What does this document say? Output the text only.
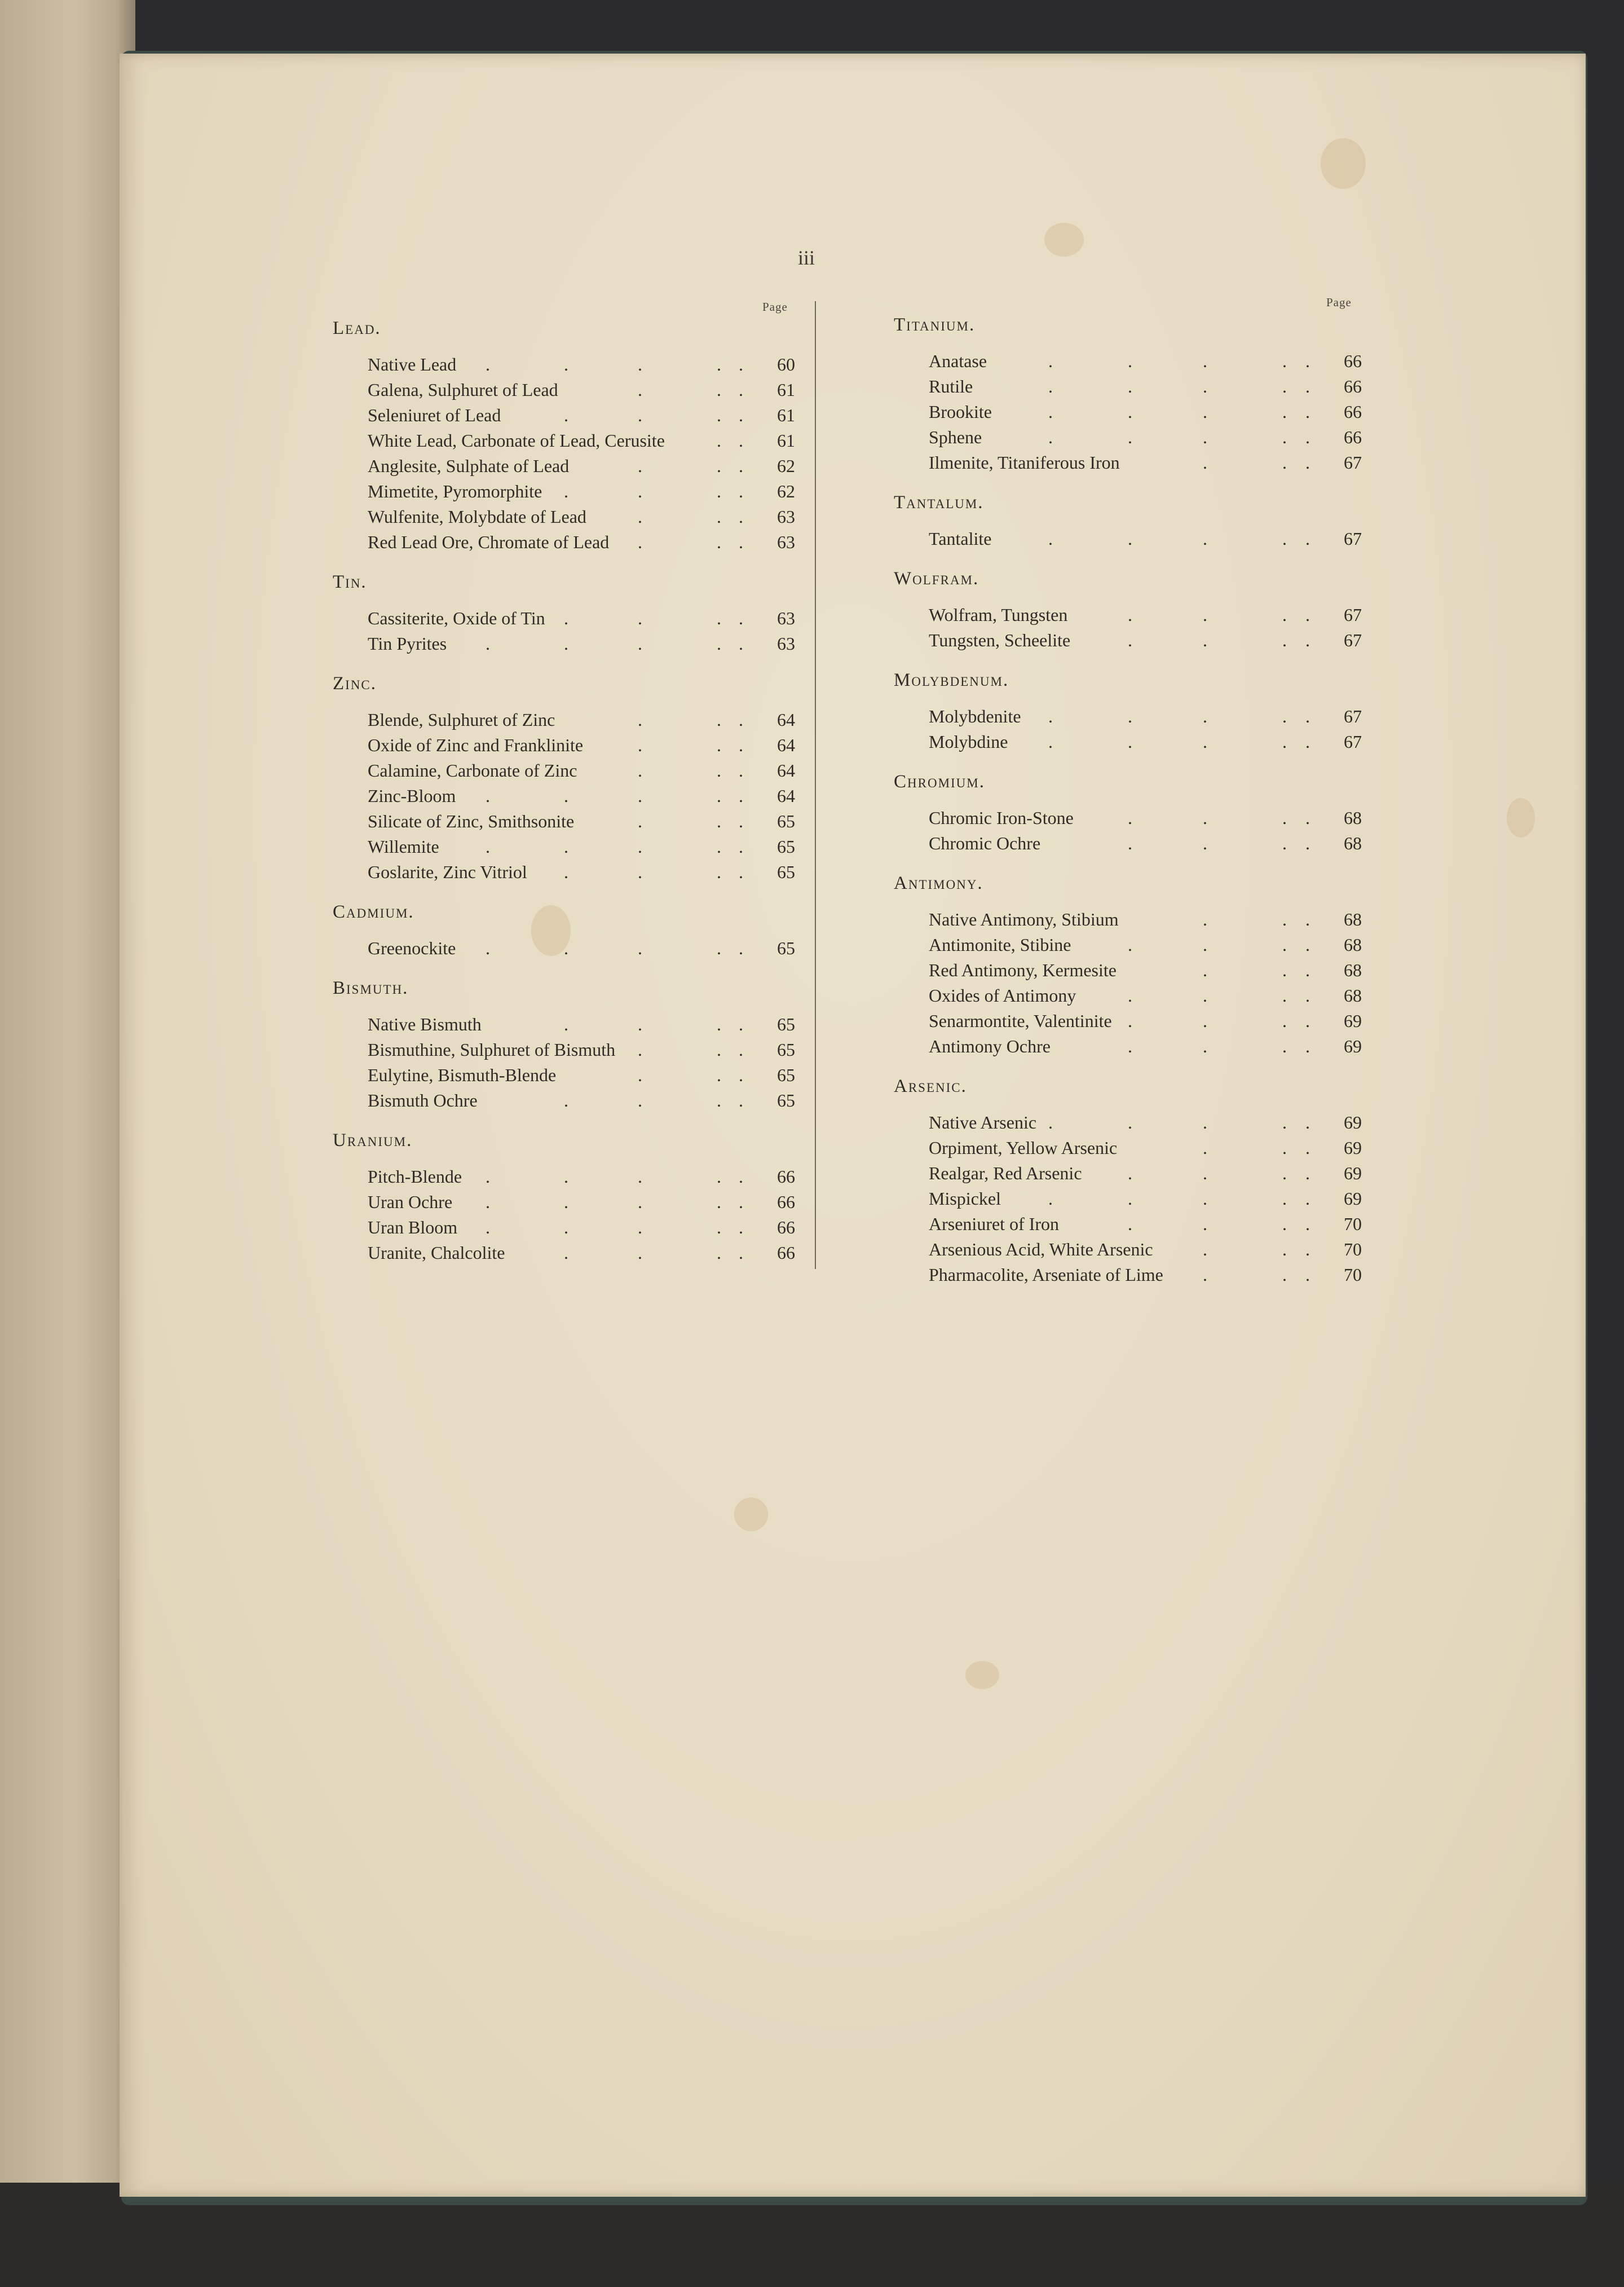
iii
Page	Page
Lead.
Native Lead	60
.	.	.	. .
Galena, Sulphuret of Lead	61
.	. .
Seleniuret of Lead	61
.	.	. .
White Lead, Carbonate of Lead, Cerusite	61
. .
Anglesite, Sulphate of Lead	62
.	. .
Mimetite, Pyromorphite	62
.	.	. .
Wulfenite, Molybdate of Lead	63
.	. .
Red Lead Ore, Chromate of Lead	63
.	. .
Tin.
Cassiterite, Oxide of Tin	63
.	.	. .
Tin Pyrites	63
.	.	.	. .
Zinc.
Blende, Sulphuret of Zinc	64
.	. .
Oxide of Zinc and Franklinite	64
.	. .
Calamine, Carbonate of Zinc	64
.	. .
Zinc-Bloom	64
.	.	.	. .
Silicate of Zinc, Smithsonite	65
.	. .
Willemite	65
.	.	.	. .
Goslarite, Zinc Vitriol	65
.	.	. .
Cadmium.
Greenockite	65
.	.	.	. .
Bismuth.
Native Bismuth	65
.	.	. .
Bismuthine, Sulphuret of Bismuth	65
.	. .
Eulytine, Bismuth-Blende	65
.	. .
Bismuth Ochre	65
.	.	. .
Uranium.
Pitch-Blende	66
.	.	.	. .
Uran Ochre	66
.	.	.	. .
Uran Bloom	66
.	.	.	. .
Uranite, Chalcolite	66
.	.	. .
Titanium.
Anatase	66
.	.	.	. .
Rutile	66
.	.	.	. .
Brookite	66
.	.	.	. .
Sphene	66
.	.	.	. .
Ilmenite, Titaniferous Iron	67
.	. .
Tantalum.
Tantalite	67
.	.	.	. .
Wolfram.
Wolfram, Tungsten	67
.	.	. .
Tungsten, Scheelite	67
.	.	. .
Molybdenum.
Molybdenite	67
.	.	.	. .
Molybdine	67
.	.	.	. .
Chromium.
Chromic Iron-Stone	68
.	.	. .
Chromic Ochre	68
.	.	. .
Antimony.
Native Antimony, Stibium	68
.	. .
Antimonite, Stibine	68
.	.	. .
Red Antimony, Kermesite	68
.	. .
Oxides of Antimony	68
.	.	. .
Senarmontite, Valentinite	69
.	.	. .
Antimony Ochre	69
.	.	. .
Arsenic.
Native Arsenic	69
.	.	.	. .
Orpiment, Yellow Arsenic	69
.	. .
Realgar, Red Arsenic	69
.	.	. .
Mispickel	69
.	.	.	. .
Arseniuret of Iron	70
.	.	. .
Arsenious Acid, White Arsenic	70
.	. .
Pharmacolite, Arseniate of Lime	70
.	. .
